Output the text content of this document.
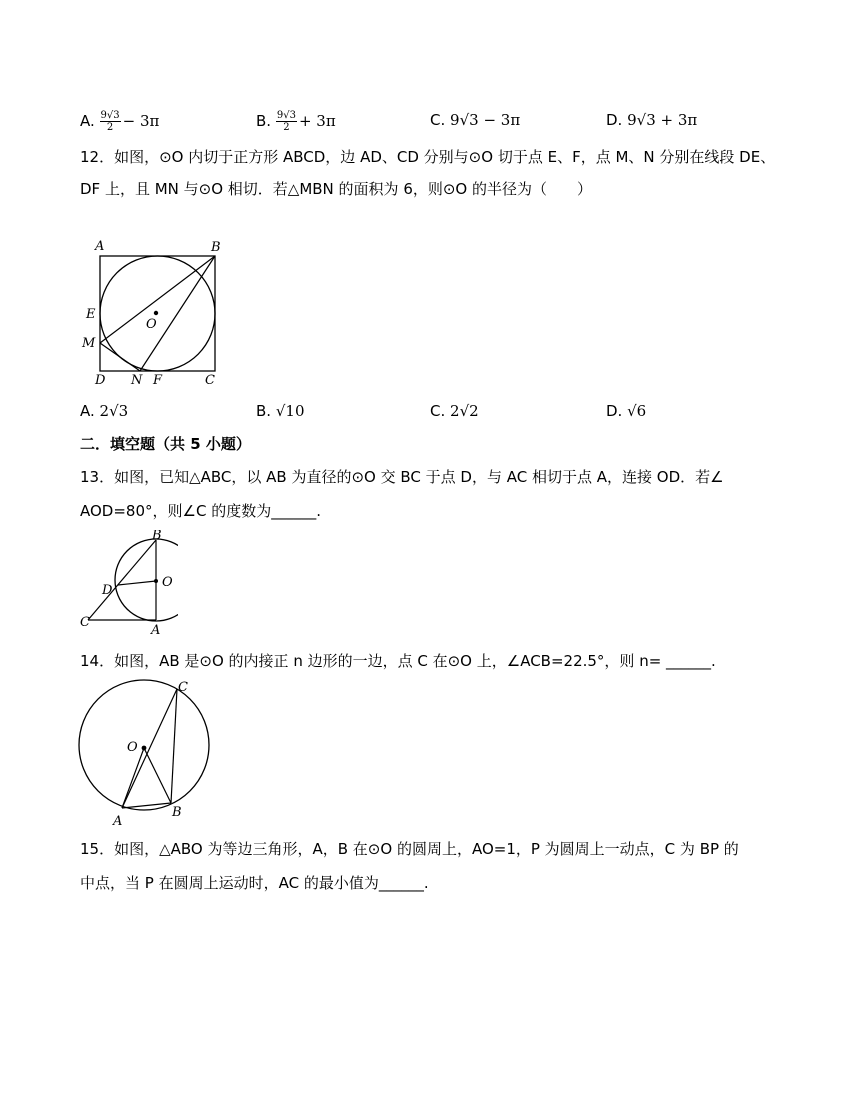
A. $\frac{9√3}{2} - 3\pi$	B. $\frac{9√3}{2} + 3\pi$	C. 9√3 − 3π	D. 9√3 + 3π
12．如图，⊙O 内切于正方形 ABCD，边 AD、CD 分别与⊙O 切于点 E、F，点 M、N 分别在线段 DE、
DF 上，且 MN 与⊙O 相切．若△MBN 的面积为 6，则⊙O 的半径为（　　）
A	B
E
O
M
D N F	C
A. 2√3	B. √10	C. 2√2	D. √6
二．填空题（共 5 小题）
13．如图，已知△ABC，以 AB 为直径的⊙O 交 BC 于点 D，与 AC 相切于点 A，连接 OD．若∠
AOD=80°，则∠C 的度数为______.
B
O
D
C
A
14．如图，AB 是⊙O 的内接正 n 边形的一边，点 C 在⊙O 上，∠ACB=22.5°，则 n= ______.
C
O
A
B
15．如图，△ABO 为等边三角形，A，B 在⊙O 的圆周上，AO=1，P 为圆周上一动点，C 为 BP 的
中点，当 P 在圆周上运动时，AC 的最小值为______.
